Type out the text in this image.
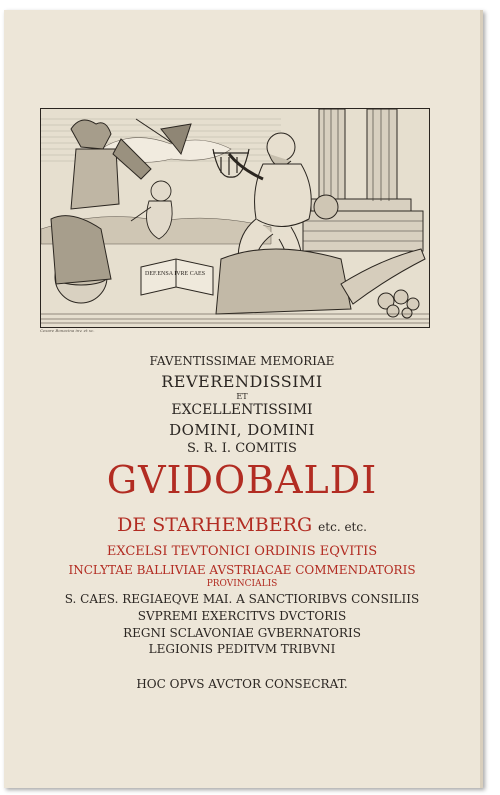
DEF.ENSA IVRE CAES
Cesare Bonacina inv. et sc.
FAVENTISSIMAE MEMORIAE
REVERENDISSIMI
ET
EXCELLENTISSIMI
DOMINI, DOMINI
S. R. I. COMITIS
GVIDOBALDI
DE STARHEMBERG etc. etc.
EXCELSI TEVTONICI ORDINIS EQVITIS
INCLYTAE BALLIVIAE AVSTRIACAE COMMENDATORIS
PROVINCIALIS
S. CAES. REGIAEQVE MAI. A SANCTIORIBVS CONSILIIS
SVPREMI EXERCITVS DVCTORIS
REGNI SCLAVONIAE GVBERNATORIS
LEGIONIS PEDITVM TRIBVNI
HOC OPVS AVCTOR CONSECRAT.
